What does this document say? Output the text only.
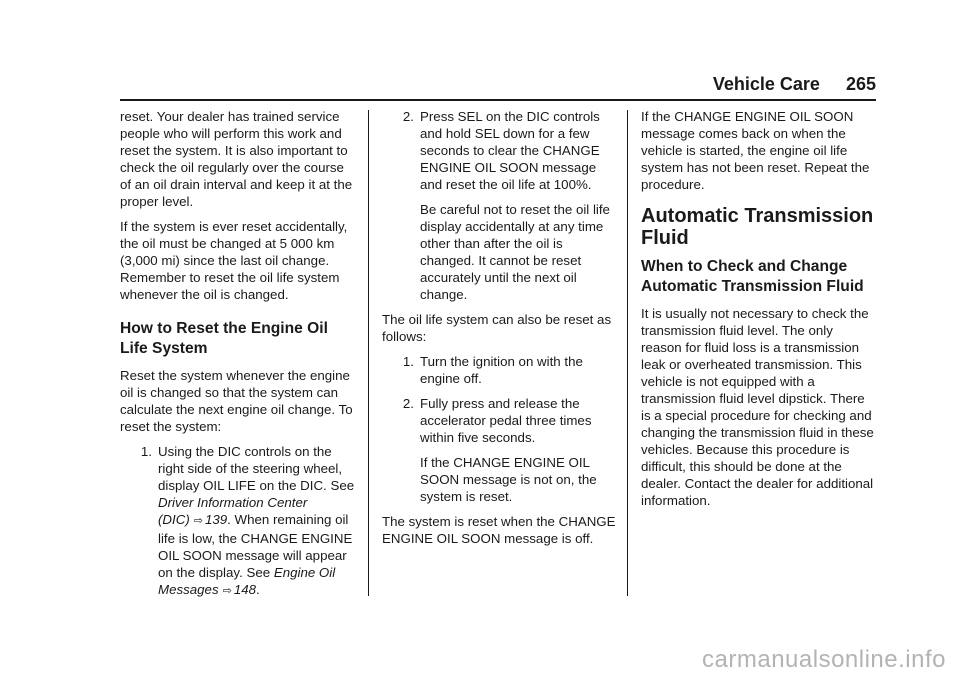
Vehicle Care 265

reset. Your dealer has trained service people who will perform this work and reset the system. It is also important to check the oil regularly over the course of an oil drain interval and keep it at the proper level.

If the system is ever reset accidentally, the oil must be changed at 5 000 km (3,000 mi) since the last oil change. Remember to reset the oil life system whenever the oil is changed.

How to Reset the Engine Oil Life System

Reset the system whenever the engine oil is changed so that the system can calculate the next engine oil change. To reset the system:

1. Using the DIC controls on the right side of the steering wheel, display OIL LIFE on the DIC. See Driver Information Center (DIC) ⇨ 139. When remaining oil life is low, the CHANGE ENGINE OIL SOON message will appear on the display. See Engine Oil Messages ⇨ 148.
2. Press SEL on the DIC controls and hold SEL down for a few seconds to clear the CHANGE ENGINE OIL SOON message and reset the oil life at 100%.

Be careful not to reset the oil life display accidentally at any time other than after the oil is changed. It cannot be reset accurately until the next oil change.

The oil life system can also be reset as follows:

1. Turn the ignition on with the engine off.
2. Fully press and release the accelerator pedal three times within five seconds.

If the CHANGE ENGINE OIL SOON message is not on, the system is reset.

The system is reset when the CHANGE ENGINE OIL SOON message is off.

If the CHANGE ENGINE OIL SOON message comes back on when the vehicle is started, the engine oil life system has not been reset. Repeat the procedure.

Automatic Transmission
Fluid
When to Check and Change Automatic Transmission Fluid

It is usually not necessary to check the transmission fluid level. The only reason for fluid loss is a transmission leak or overheated transmission. This vehicle is not equipped with a transmission fluid level dipstick. There is a special procedure for checking and changing the transmission fluid in these vehicles. Because this procedure is difficult, this should be done at the dealer. Contact the dealer for additional information.

carmanualsonline.info
